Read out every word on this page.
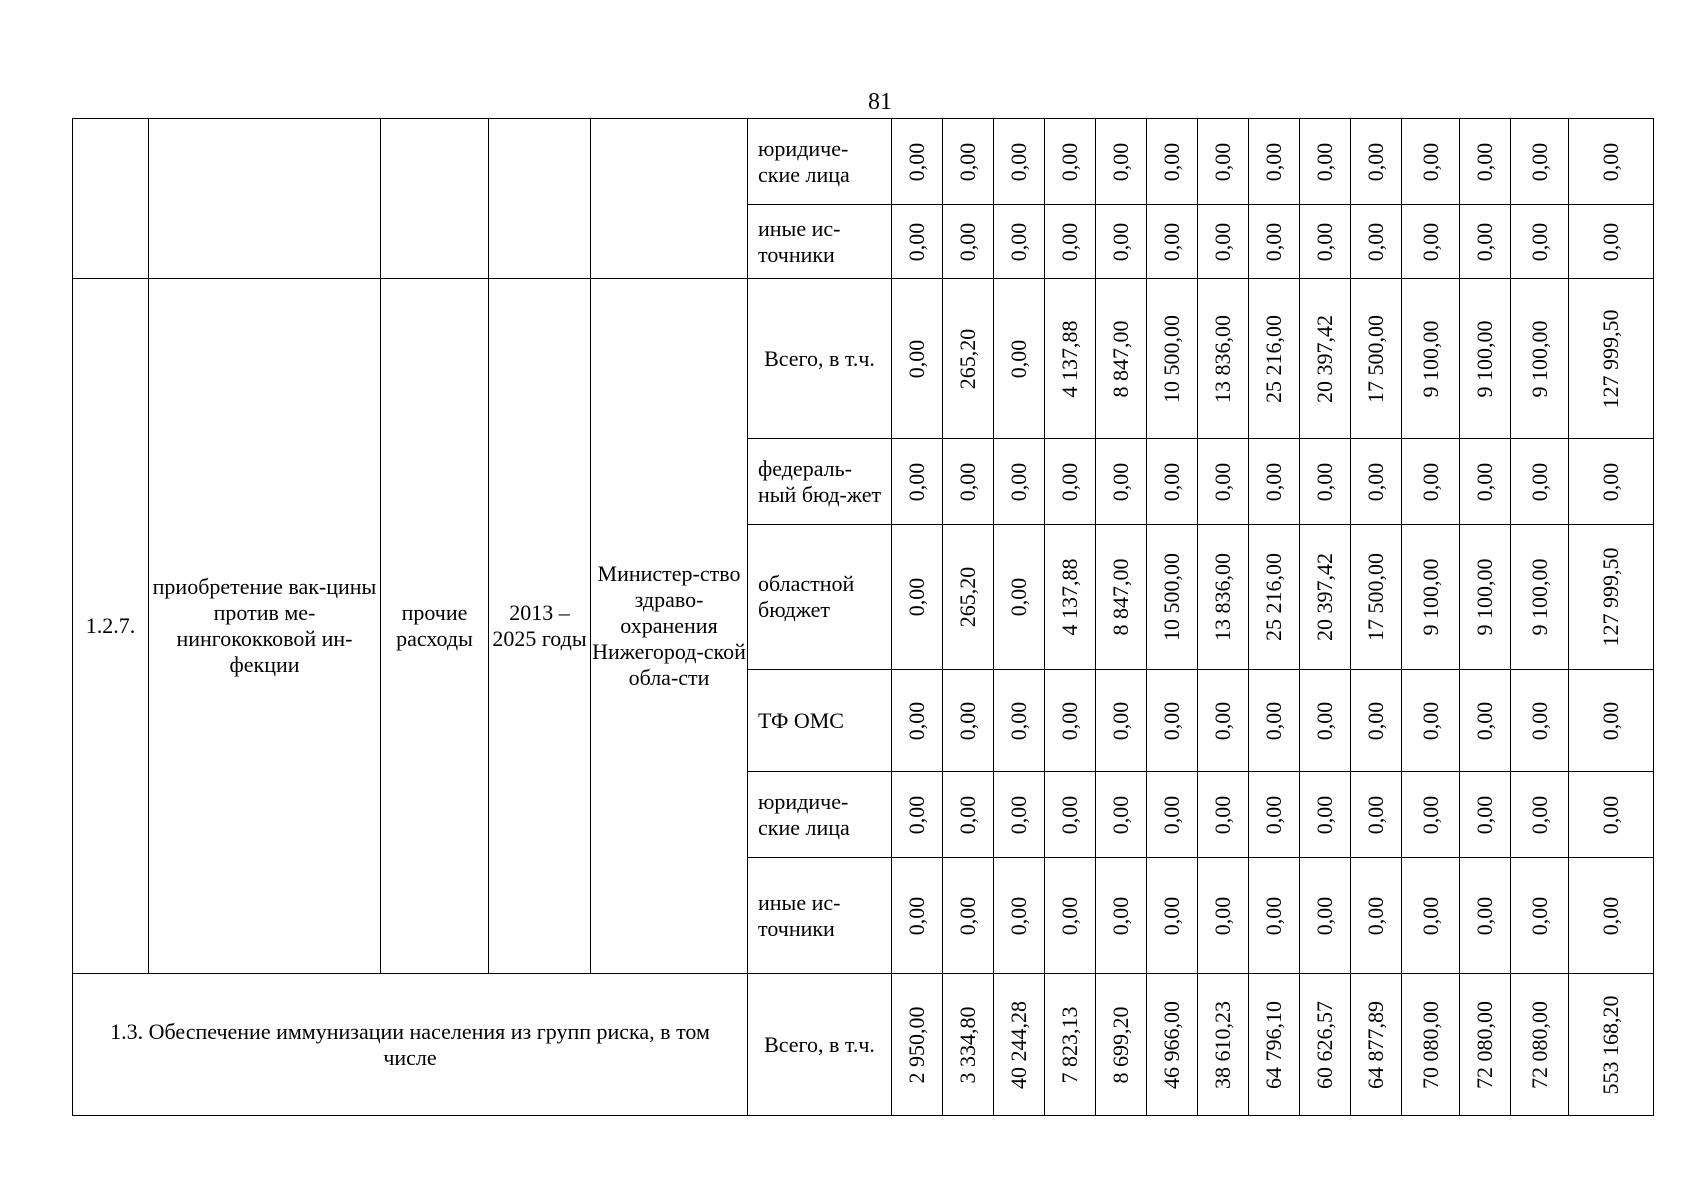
81
					юридиче-ские лица	0,00	0,00	0,00	0,00	0,00	0,00	0,00	0,00	0,00	0,00	0,00	0,00	0,00	0,00

					иные ис-точники	0,00	0,00	0,00	0,00	0,00	0,00	0,00	0,00	0,00	0,00	0,00	0,00	0,00	0,00

1.2.7.	приобретение вак-цины против ме-нингококковой ин-фекции	прочие расходы	2013 – 2025 годы	Министер-ство здраво-охранения Нижегород-ской обла-сти	Всего, в т.ч.	0,00	265,20	0,00	4 137,88	8 847,00	10 500,00	13 836,00	25 216,00	20 397,42	17 500,00	9 100,00	9 100,00	9 100,00	127 999,50

					федераль-ный бюд-жет	0,00	0,00	0,00	0,00	0,00	0,00	0,00	0,00	0,00	0,00	0,00	0,00	0,00	0,00

					областной бюджет	0,00	265,20	0,00	4 137,88	8 847,00	10 500,00	13 836,00	25 216,00	20 397,42	17 500,00	9 100,00	9 100,00	9 100,00	127 999,50

					ТФ ОМС	0,00	0,00	0,00	0,00	0,00	0,00	0,00	0,00	0,00	0,00	0,00	0,00	0,00	0,00

					юридиче-ские лица	0,00	0,00	0,00	0,00	0,00	0,00	0,00	0,00	0,00	0,00	0,00	0,00	0,00	0,00

					иные ис-точники	0,00	0,00	0,00	0,00	0,00	0,00	0,00	0,00	0,00	0,00	0,00	0,00	0,00	0,00

1.3. Обеспечение иммунизации населения из групп риска, в том числе					Всего, в т.ч.	2 950,00	3 334,80	40 244,28	7 823,13	8 699,20	46 966,00	38 610,23	64 796,10	60 626,57	64 877,89	70 080,00	72 080,00	72 080,00	553 168,20
